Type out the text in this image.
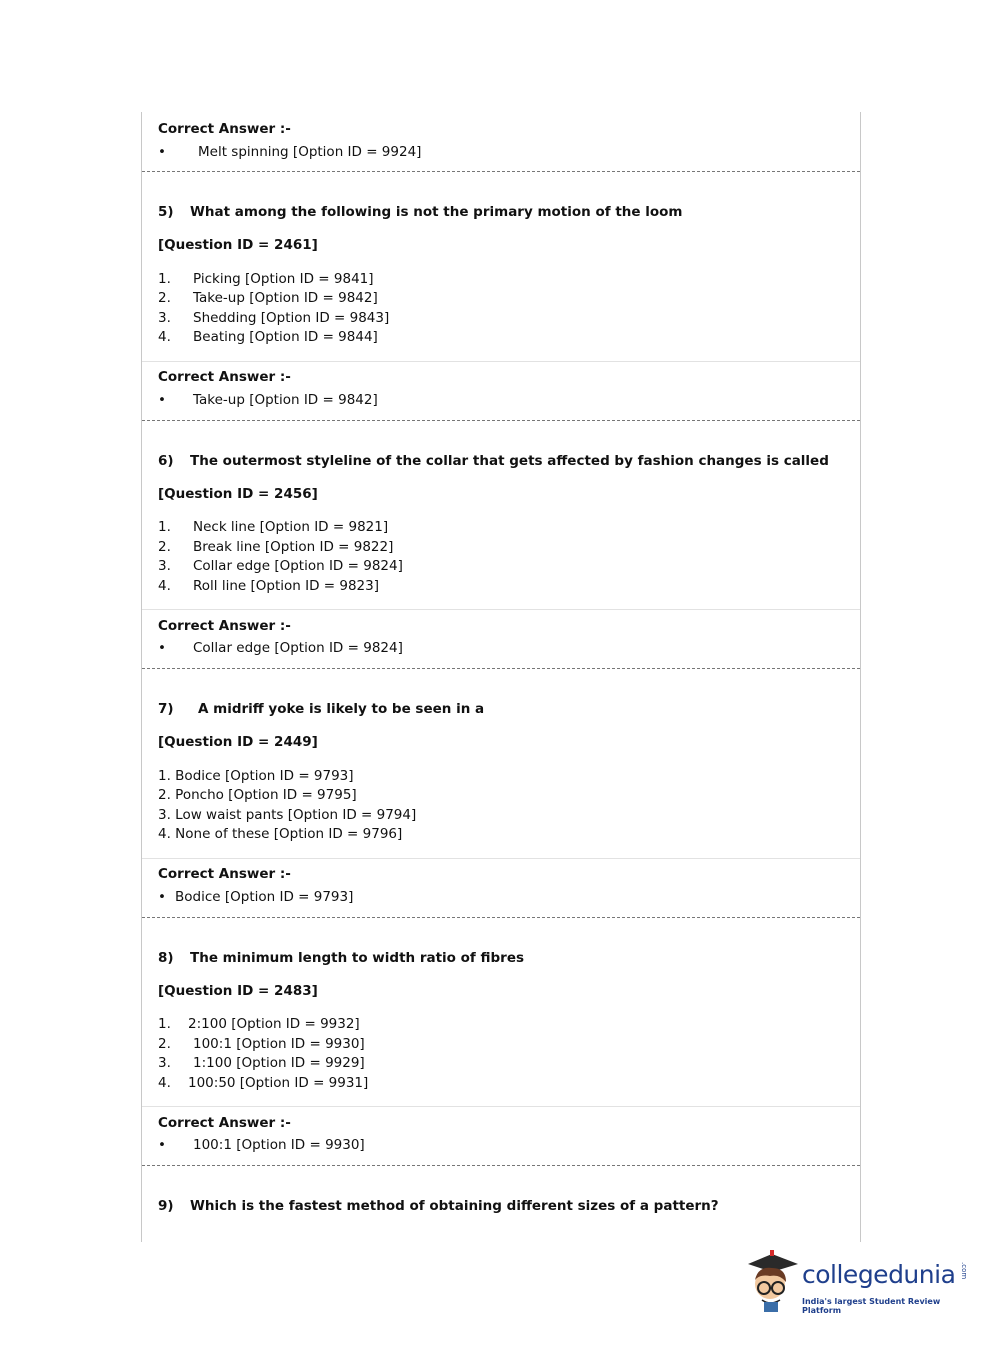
Correct Answer :-
• Melt spinning [Option ID = 9924]
5) What among the following is not the primary motion of the loom
[Question ID = 2461]
1.	Picking [Option ID = 9841]
2.	Take-up [Option ID = 9842]
3.	Shedding [Option ID = 9843]
4.	Beating [Option ID = 9844]
Correct Answer :-
• Take-up [Option ID = 9842]
6) The outermost styleline of the collar that gets affected by fashion changes is called
[Question ID = 2456]
1.	Neck line [Option ID = 9821]
2.	Break line [Option ID = 9822]
3.	Collar edge [Option ID = 9824]
4.	Roll line [Option ID = 9823]
Correct Answer :-
• Collar edge [Option ID = 9824]
7) A midriff yoke is likely to be seen in a
[Question ID = 2449]
1. Bodice [Option ID = 9793]
2. Poncho [Option ID = 9795]
3. Low waist pants [Option ID = 9794]
4. None of these [Option ID = 9796]
Correct Answer :-
• Bodice [Option ID = 9793]
8) The minimum length to width ratio of fibres
[Question ID = 2483]
1.	2:100 [Option ID = 9932]
2.	100:1 [Option ID = 9930]
3.	1:100 [Option ID = 9929]
4.	100:50 [Option ID = 9931]
Correct Answer :-
• 100:1 [Option ID = 9930]
9) Which is the fastest method of obtaining different sizes of a pattern?
collegedunia .com
India's largest Student Review Platform
